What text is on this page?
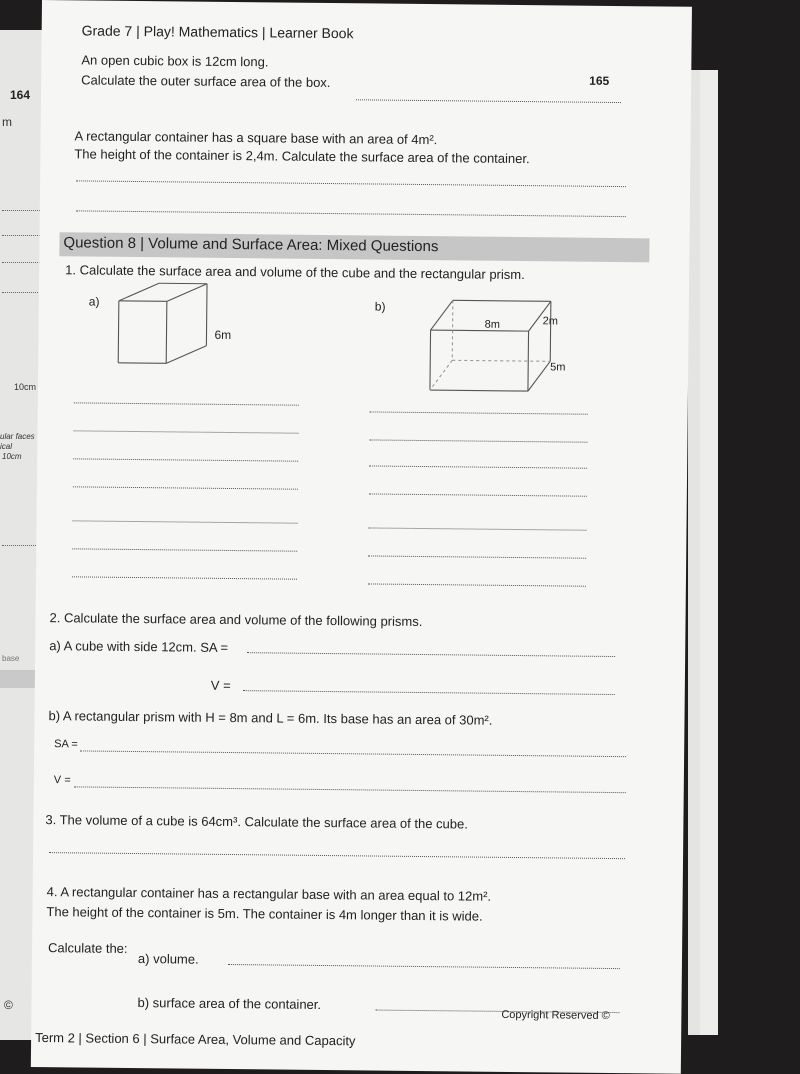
m
10cm
ular faces
ical
10cm
base
©
164
Grade 7 | Play! Mathematics | Learner Book
165
An open cubic box is 12cm long.
Calculate the outer surface area of the box.
A rectangular container has a square base with an area of 4m².
The height of the container is 2,4m. Calculate the surface area of the container.
Question 8 | Volume and Surface Area: Mixed Questions
1. Calculate the surface area and volume of the cube and the rectangular prism.
a)	b)
6m
8m	2m
5m
2. Calculate the surface area and volume of the following prisms.
a) A cube with side 12cm. SA =
V =
b) A rectangular prism with H = 8m and L = 6m. Its base has an area of 30m².
SA =
V =
3. The volume of a cube is 64cm³. Calculate the surface area of the cube.
4. A rectangular container has a rectangular base with an area equal to 12m².
The height of the container is 5m. The container is 4m longer than it is wide.
Calculate the:
a) volume.
b) surface area of the container.
Term 2 | Section 6 | Surface Area, Volume and Capacity
Copyright Reserved ©
